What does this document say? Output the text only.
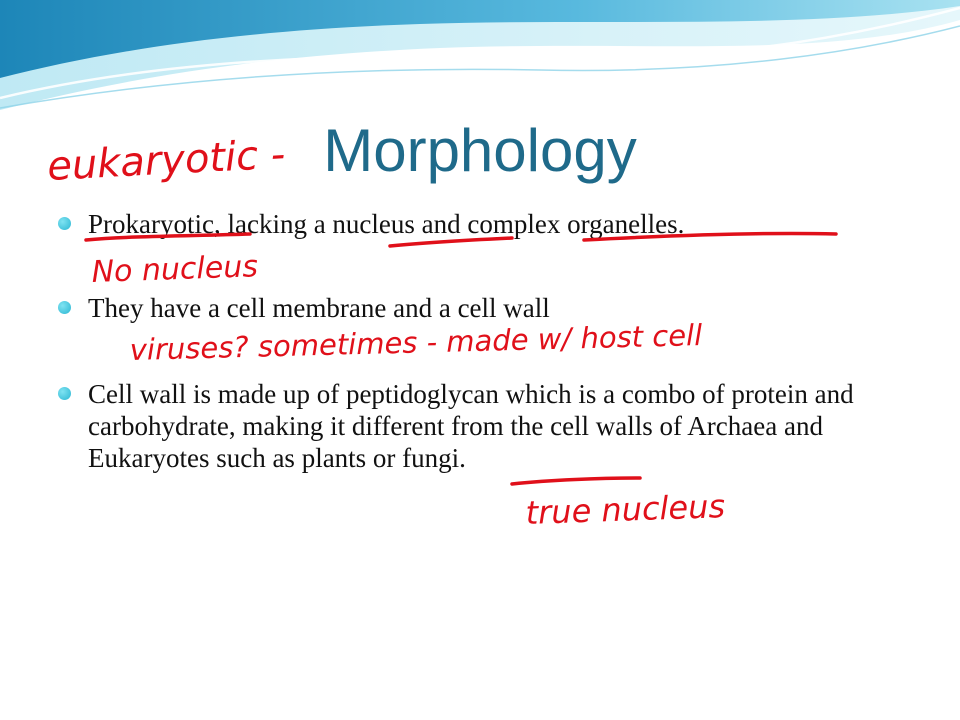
Morphology
Prokaryotic, lacking a nucleus and complex organelles.
They have a cell membrane and a cell wall
Cell wall is made up of peptidoglycan which is a combo of protein and carbohydrate, making it different from the cell walls of Archaea and Eukaryotes such as plants or fungi.
eukaryotic -
No nucleus
viruses? sometimes - made w/ host cell
true nucleus
